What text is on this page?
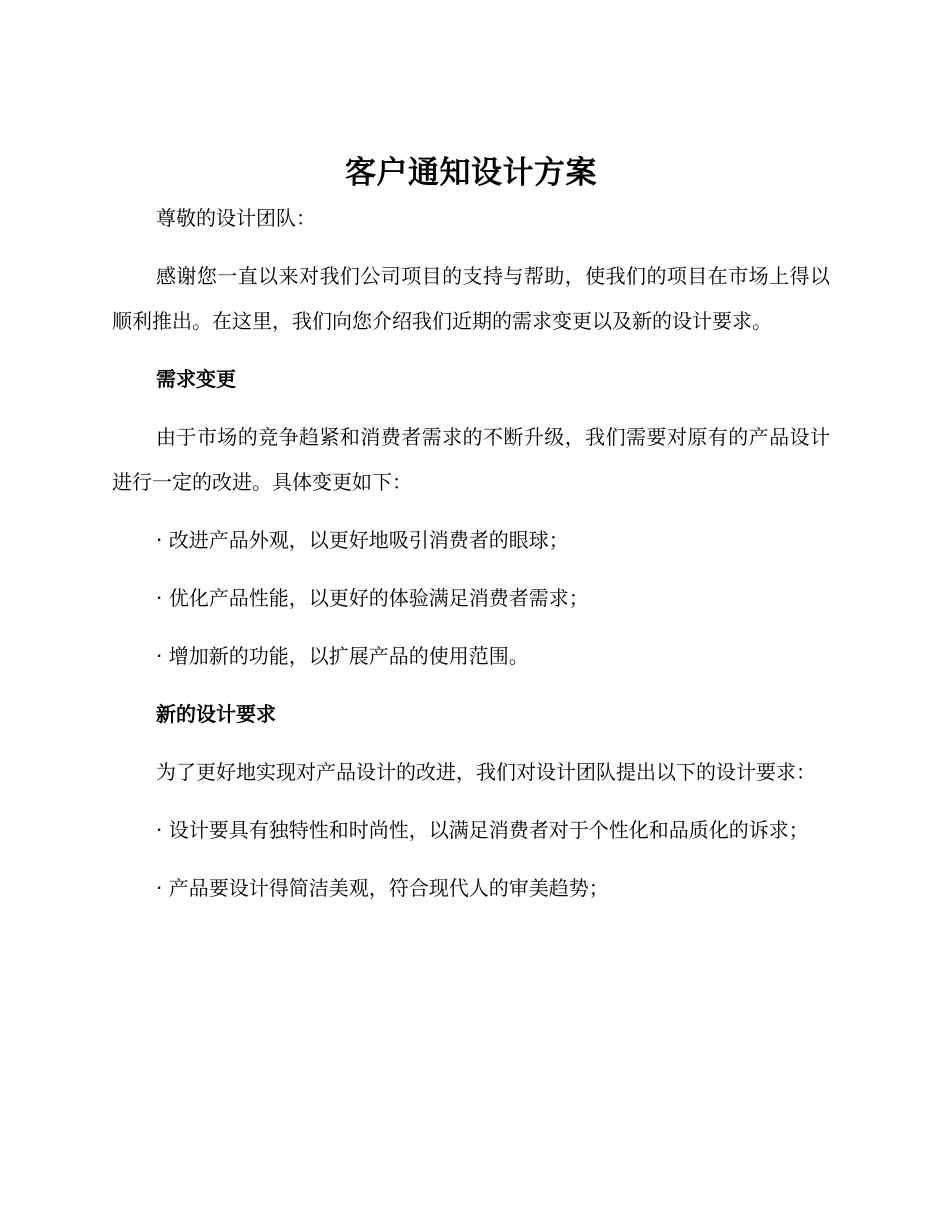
客户通知设计方案

尊敬的设计团队：

感谢您一直以来对我们公司项目的支持与帮助，使我们的项目在市场上得以顺利推出。在这里，我们向您介绍我们近期的需求变更以及新的设计要求。

需求变更

由于市场的竞争趋紧和消费者需求的不断升级，我们需要对原有的产品设计进行一定的改进。具体变更如下：

· 改进产品外观，以更好地吸引消费者的眼球；

· 优化产品性能，以更好的体验满足消费者需求；

· 增加新的功能，以扩展产品的使用范围。

新的设计要求

为了更好地实现对产品设计的改进，我们对设计团队提出以下的设计要求：

· 设计要具有独特性和时尚性，以满足消费者对于个性化和品质化的诉求；

· 产品要设计得简洁美观，符合现代人的审美趋势；
